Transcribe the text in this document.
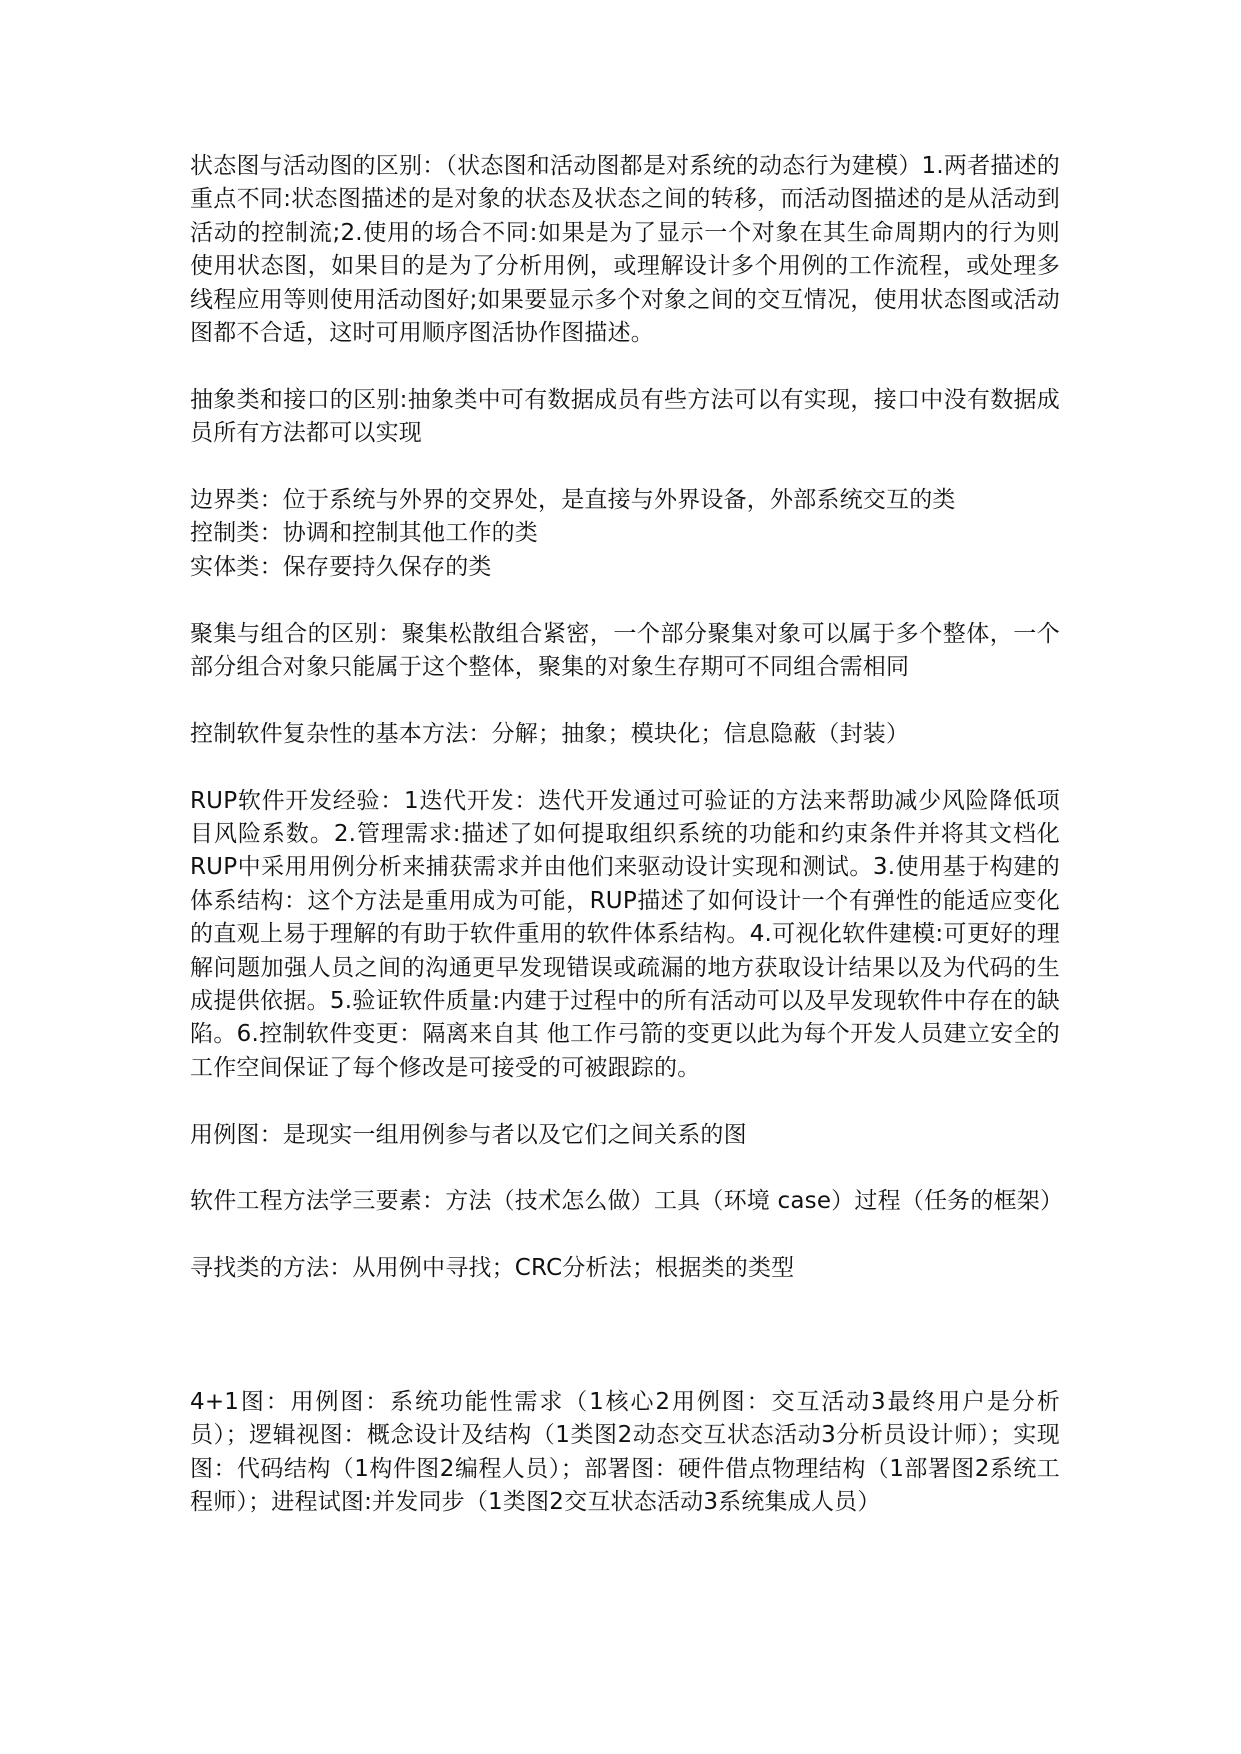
状态图与活动图的区别：（状态图和活动图都是对系统的动态行为建模）1.两者描述的重点不同:状态图描述的是对象的状态及状态之间的转移，而活动图描述的是从活动到活动的控制流;2.使用的场合不同:如果是为了显示一个对象在其生命周期内的行为则使用状态图，如果目的是为了分析用例，或理解设计多个用例的工作流程，或处理多线程应用等则使用活动图好;如果要显示多个对象之间的交互情况，使用状态图或活动图都不合适，这时可用顺序图活协作图描述。

抽象类和接口的区别:抽象类中可有数据成员有些方法可以有实现，接口中没有数据成员所有方法都可以实现

边界类：位于系统与外界的交界处，是直接与外界设备，外部系统交互的类

控制类：协调和控制其他工作的类

实体类：保存要持久保存的类

聚集与组合的区别：聚集松散组合紧密，一个部分聚集对象可以属于多个整体，一个部分组合对象只能属于这个整体，聚集的对象生存期可不同组合需相同

控制软件复杂性的基本方法：分解；抽象；模块化；信息隐蔽（封装）

RUP软件开发经验：1迭代开发：迭代开发通过可验证的方法来帮助减少风险降低项目风险系数。2.管理需求:描述了如何提取组织系统的功能和约束条件并将其文档化RUP中采用用例分析来捕获需求并由他们来驱动设计实现和测试。3.使用基于构建的体系结构：这个方法是重用成为可能，RUP描述了如何设计一个有弹性的能适应变化的直观上易于理解的有助于软件重用的软件体系结构。4.可视化软件建模:可更好的理解问题加强人员之间的沟通更早发现错误或疏漏的地方获取设计结果以及为代码的生成提供依据。5.验证软件质量:内建于过程中的所有活动可以及早发现软件中存在的缺陷。6.控制软件变更：隔离来自其 他工作弓箭的变更以此为每个开发人员建立安全的工作空间保证了每个修改是可接受的可被跟踪的。

用例图：是现实一组用例参与者以及它们之间关系的图

软件工程方法学三要素：方法（技术怎么做）工具（环境 case）过程（任务的框架）

寻找类的方法：从用例中寻找；CRC分析法；根据类的类型

4+1图：用例图：系统功能性需求（1核心2用例图：交互活动3最终用户是分析员）；逻辑视图：概念设计及结构（1类图2动态交互状态活动3分析员设计师）；实现图：代码结构（1构件图2编程人员）；部署图：硬件借点物理结构（1部署图2系统工程师）；进程试图:并发同步（1类图2交互状态活动3系统集成人员）
